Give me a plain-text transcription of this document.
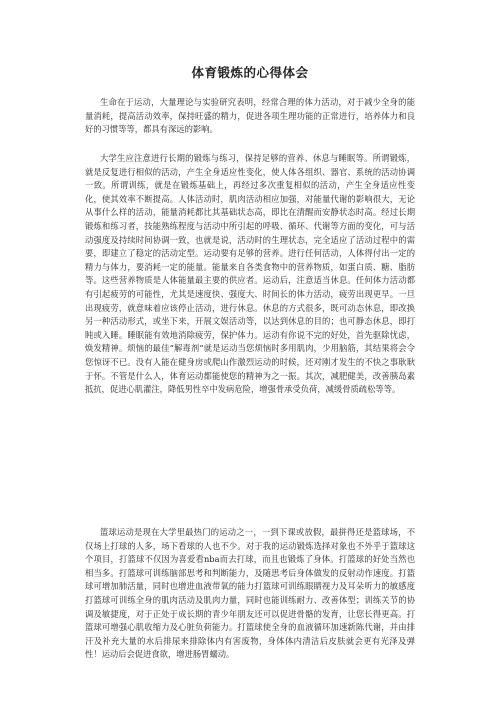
体育锻炼的心得体会

生命在于运动，大量理论与实验研究表明，经常合理的体力活动，对于减少全身的能量消耗，提高活动效率，保持旺盛的精力，促进各项生理功能的正常进行，培养体力和良好的习惯等等，都具有深远的影响。

大学生应注意进行长期的锻炼与练习，保持足够的营养、休息与睡眠等。所谓锻炼，就是反复进行相似的活动，产生全身适应性变化，使人体各组织、器官、系统的活动协调一致。所谓训练，就是在锻炼基础上，再经过多次重复相似的活动，产生全身适应性变化，使其效率不断提高。人体活动时，肌肉活动相应加强，对能量代谢的影响很大，无论从事什么样的活动，能量消耗都比其基础状态高，即比在清醒而安静状态时高。经过长期锻炼和练习者，技能熟练程度与活动中所引起的呼吸、循环、代谢等方面的变化，可与活动强度及持续时间协调一致，也就是说，活动时的生理状态，完全适应了活动过程中的需要，即建立了稳定的活动定型。运动要有足够的营养。进行任何活动，人体得付出一定的精力与体力，要消耗一定的能量。能量来自各类食物中的营养物质，如蛋白质、糖、脂肪等。这些营养物质是人体能量最主要的供应者。运动后，注意适当休息。任何体力活动都有引起疲劳的可能性，尤其是速度快、强度大、时间长的体力活动，疲劳出现更早。一旦出现疲劳，就意味着应该停止活动，进行休息。休息的方式很多，既可动态休息，即改换另一种活动形式，或坐下来，开展文娱活动等，以达到休息的目的；也可静态休息，即打盹或入睡。睡眠能有效地消除疲劳，保护体力。运动有你说不完的好处，首先驱除忧虑，焕发精神。烦恼的最佳“解毒剂”就是运动当您烦恼时多用肌肉，少用脑筋，其结果将会令您惊讶不已。没有人能在健身房或爬山作激烈运动的时候，还对刚才发生的不快之事耿耿于怀。不管是什么人，体育运动都能使您的精神为之一振。其次，减肥健美，改善胰岛素抵抗，促进心肌灌注，降低男性卒中发病危险，增强骨承受负荷，减缓骨质疏松等等。

篮球运动是现在大学里最热门的运动之一，一到下课或放假，最拼得还是篮球场，不仅场上打球的人多，场下看球的人也不少。对于我的运动锻炼选择对象也不外乎于篮球这个项目，打篮球不仅因为喜爱看nba而去打球，而且也锻炼了身体。打篮球的好处当然也相当多。打篮球可训练脑部思考和判断能力，及随思考后身体做发的反射动作速度。打篮球可增加肺活量，同时也增进血液带氧的能力打篮球可训练眼睛视力及耳朵听力的敏感度打篮球可训练全身的肌肉活动及肌肉力量，同时也能训练耐力、改善体型；训练关节的协调及敏捷度，对于正处于成长期的青少年朋友还可以促进骨骼的发育，让您长得更高。打篮球可增强心肌收缩力及心脏负荷能力。打篮球使全身的血液循环加速新陈代谢，并由排汗及补充大量的水后排尿来排除体内有害废物，身体体内清洁后皮肤就会更有光泽及弹性！运动后会促进食欲，增进肠胃蠕动。
